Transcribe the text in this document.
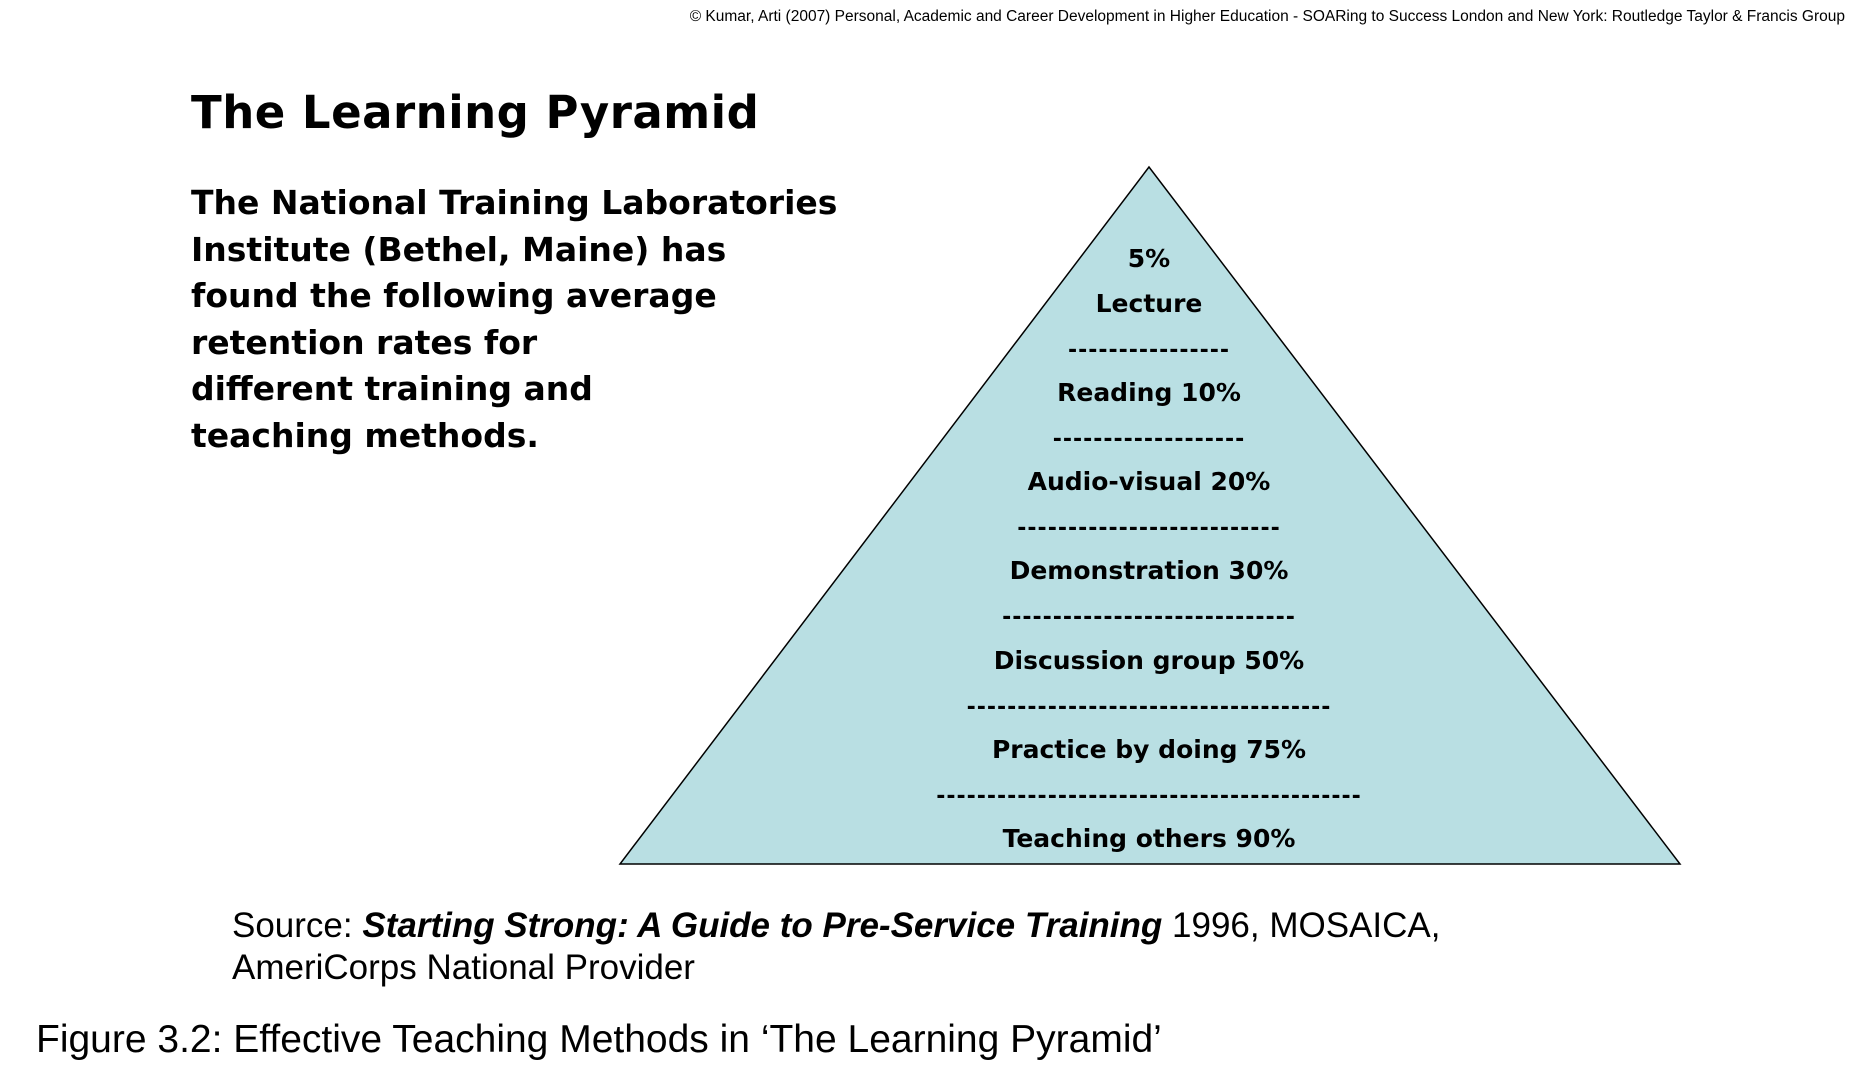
© Kumar, Arti (2007) Personal, Academic and Career Development in Higher Education - SOARing to Success London and New York: Routledge Taylor & Francis Group
The Learning Pyramid
The National Training Laboratories
Institute (Bethel, Maine) has
found the following average
retention rates for
different training and
teaching methods.
5%
Lecture
----------------
Reading 10%
-------------------
Audio-visual 20%
--------------------------
Demonstration 30%
-----------------------------
Discussion group 50%
------------------------------------
Practice by doing 75%
------------------------------------------
Teaching others 90%
Source: Starting Strong: A Guide to Pre-Service Training 1996, MOSAICA,
AmeriCorps National Provider
Figure 3.2: Effective Teaching Methods in ‘The Learning Pyramid’
